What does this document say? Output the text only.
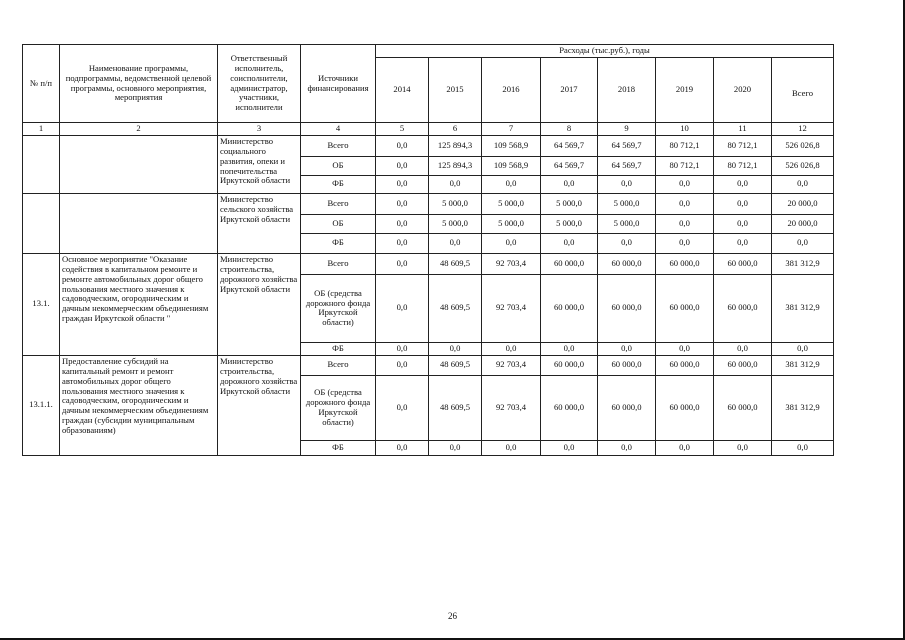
№ п/п	Наименование программы, подпрограммы, ведомственной целевой программы, основного мероприятия, мероприятия	Ответственный исполнитель, соисполнители, администратор, участники, исполнители	Источники финансирования	Расходы (тыс.руб.), годы							
				2014	2015	2016	2017	2018	2019	2020	Всего
1	2	3	4	5	6	7	8	9	10	11	12
		Министерство социального развития, опеки и попечительства Иркутской области	Всего	0,0	125 894,3	109 568,9	64 569,7	64 569,7	80 712,1	80 712,1	526 026,8
			ОБ	0,0	125 894,3	109 568,9	64 569,7	64 569,7	80 712,1	80 712,1	526 026,8
			ФБ	0,0	0,0	0,0	0,0	0,0	0,0	0,0	0,0
		Министерство сельского хозяйства Иркутской области	Всего	0,0	5 000,0	5 000,0	5 000,0	5 000,0	0,0	0,0	20 000,0
			ОБ	0,0	5 000,0	5 000,0	5 000,0	5 000,0	0,0	0,0	20 000,0
			ФБ	0,0	0,0	0,0	0,0	0,0	0,0	0,0	0,0
13.1.	Основное мероприятие "Оказание содействия в капитальном ремонте и ремонте автомобильных дорог общего пользования местного значения к садоводческим, огородническим и дачным некоммерческим объединениям граждан Иркутской области "	Министерство строительства, дорожного хозяйства Иркутской области	Всего	0,0	48 609,5	92 703,4	60 000,0	60 000,0	60 000,0	60 000,0	381 312,9
			ОБ (средства дорожного фонда Иркутской области)	0,0	48 609,5	92 703,4	60 000,0	60 000,0	60 000,0	60 000,0	381 312,9
			ФБ	0,0	0,0	0,0	0,0	0,0	0,0	0,0	0,0
13.1.1.	Предоставление субсидий на капитальный ремонт и ремонт автомобильных дорог общего пользования местного значения к садоводческим, огородническим и дачным некоммерческим объединениям граждан (субсидии муниципальным образованиям)	Министерство строительства, дорожного хозяйства Иркутской области	Всего	0,0	48 609,5	92 703,4	60 000,0	60 000,0	60 000,0	60 000,0	381 312,9
			ОБ (средства дорожного фонда Иркутской области)	0,0	48 609,5	92 703,4	60 000,0	60 000,0	60 000,0	60 000,0	381 312,9
			ФБ	0,0	0,0	0,0	0,0	0,0	0,0	0,0	0,0
26
